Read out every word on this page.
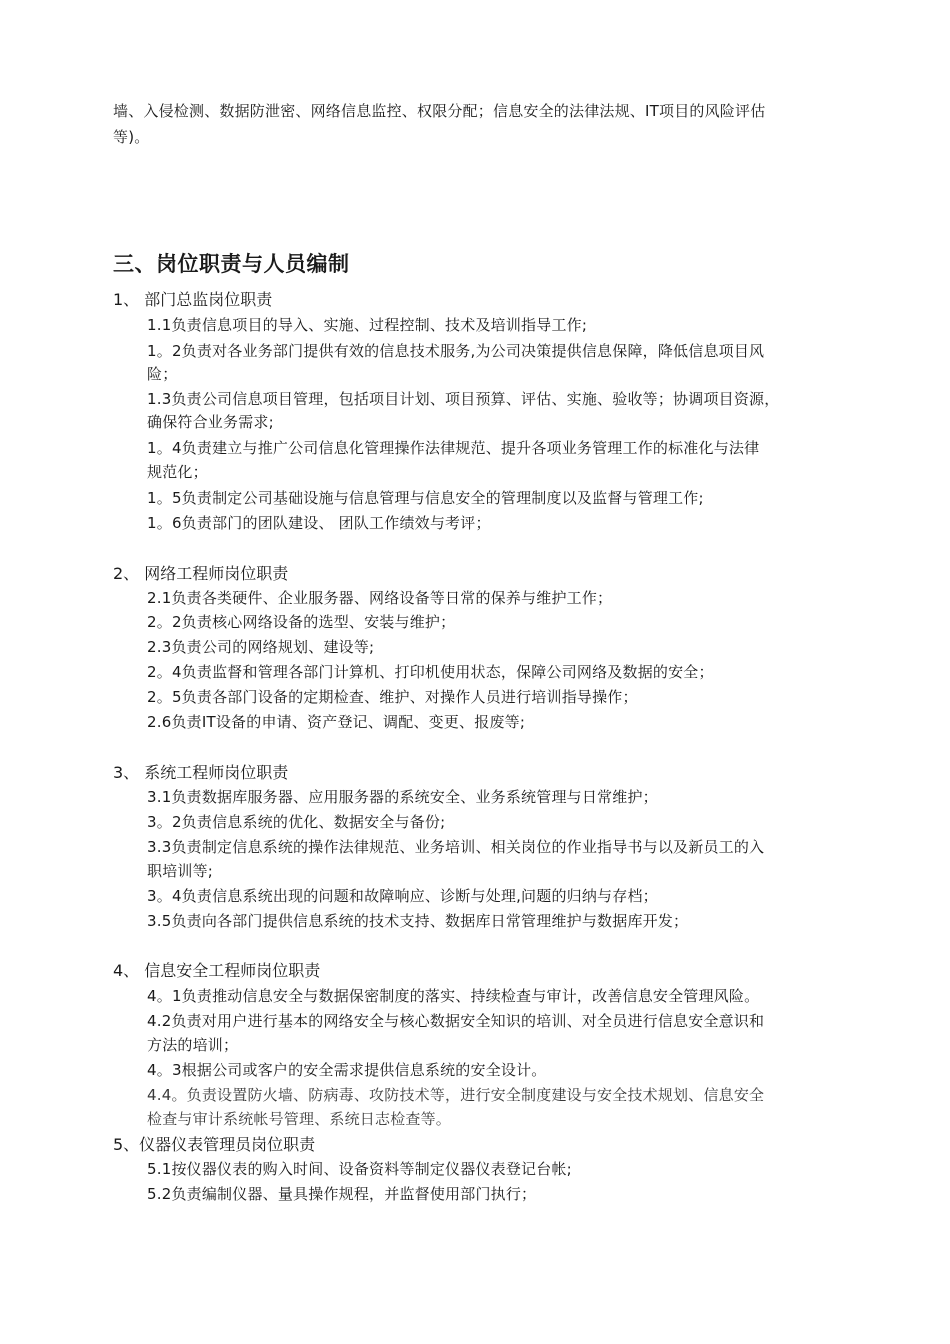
墙、入侵检测、数据防泄密、网络信息监控、权限分配；信息安全的法律法规、IT项目的风险评估
等)。
三、岗位职责与人员编制
1、 部门总监岗位职责
1.1负责信息项目的导入、实施、过程控制、技术及培训指导工作;
1。2负责对各业务部门提供有效的信息技术服务,为公司决策提供信息保障，降低信息项目风
险；
1.3负责公司信息项目管理，包括项目计划、项目预算、评估、实施、验收等；协调项目资源，
确保符合业务需求;
1。4负责建立与推广公司信息化管理操作法律规范、提升各项业务管理工作的标准化与法律
规范化；
1。5负责制定公司基础设施与信息管理与信息安全的管理制度以及监督与管理工作;
1。6负责部门的团队建设、 团队工作绩效与考评；
2、 网络工程师岗位职责
2.1负责各类硬件、企业服务器、网络设备等日常的保养与维护工作；
2。2负责核心网络设备的选型、安装与维护；
2.3负责公司的网络规划、建设等;
2。4负责监督和管理各部门计算机、打印机使用状态，保障公司网络及数据的安全；
2。5负责各部门设备的定期检查、维护、对操作人员进行培训指导操作；
2.6负责IT设备的申请、资产登记、调配、变更、报废等;
3、 系统工程师岗位职责
3.1负责数据库服务器、应用服务器的系统安全、业务系统管理与日常维护；
3。2负责信息系统的优化、数据安全与备份;
3.3负责制定信息系统的操作法律规范、业务培训、相关岗位的作业指导书与以及新员工的入
职培训等;
3。4负责信息系统出现的问题和故障响应、诊断与处理,问题的归纳与存档；
3.5负责向各部门提供信息系统的技术支持、数据库日常管理维护与数据库开发；
4、 信息安全工程师岗位职责
4。1负责推动信息安全与数据保密制度的落实、持续检查与审计，改善信息安全管理风险。
4.2负责对用户进行基本的网络安全与核心数据安全知识的培训、对全员进行信息安全意识和
方法的培训；
4。3根据公司或客户的安全需求提供信息系统的安全设计。
4.4。负责设置防火墙、防病毒、攻防技术等，进行安全制度建设与安全技术规划、信息安全
检查与审计系统帐号管理、系统日志检查等。
5、仪器仪表管理员岗位职责
5.1按仪器仪表的购入时间、设备资料等制定仪器仪表登记台帐;
5.2负责编制仪器、量具操作规程，并监督使用部门执行；
